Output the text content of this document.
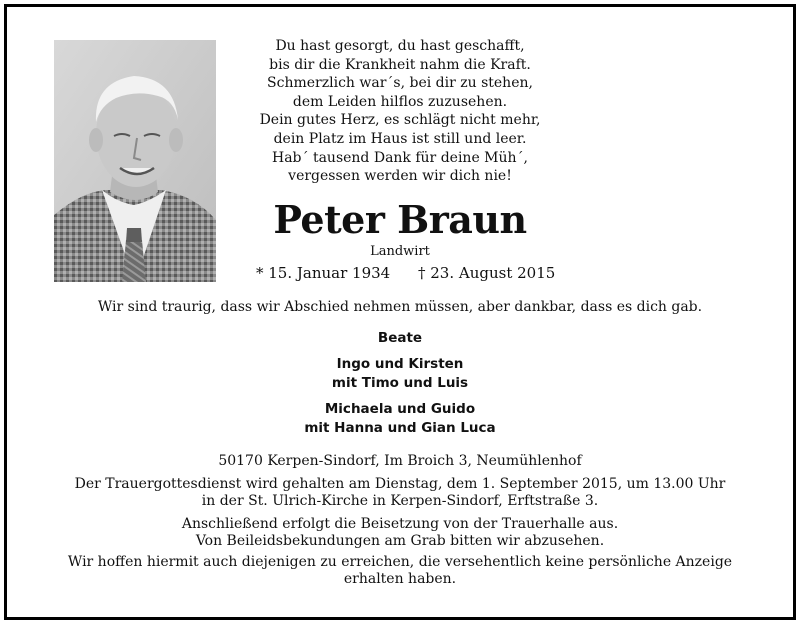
Du hast gesorgt, du hast geschafft,
bis dir die Krankheit nahm die Kraft.
Schmerzlich war´s, bei dir zu stehen,
dem Leiden hilflos zuzusehen.
Dein gutes Herz, es schlägt nicht mehr,
dein Platz im Haus ist still und leer.
Hab´ tausend Dank für deine Müh´,
vergessen werden wir dich nie!
Peter Braun
Landwirt
* 15. Januar 1934 † 23. August 2015
Wir sind traurig, dass wir Abschied nehmen müssen, aber dankbar, dass es dich gab.
Beate
Ingo und Kirsten
mit Timo und Luis
Michaela und Guido
mit Hanna und Gian Luca
50170 Kerpen-Sindorf, Im Broich 3, Neumühlenhof
Der Trauergottesdienst wird gehalten am Dienstag, dem 1. September 2015, um 13.00 Uhr
in der St. Ulrich-Kirche in Kerpen-Sindorf, Erftstraße 3.
Anschließend erfolgt die Beisetzung von der Trauerhalle aus.
Von Beileidsbekundungen am Grab bitten wir abzusehen.
Wir hoffen hiermit auch diejenigen zu erreichen, die versehentlich keine persönliche Anzeige
erhalten haben.
